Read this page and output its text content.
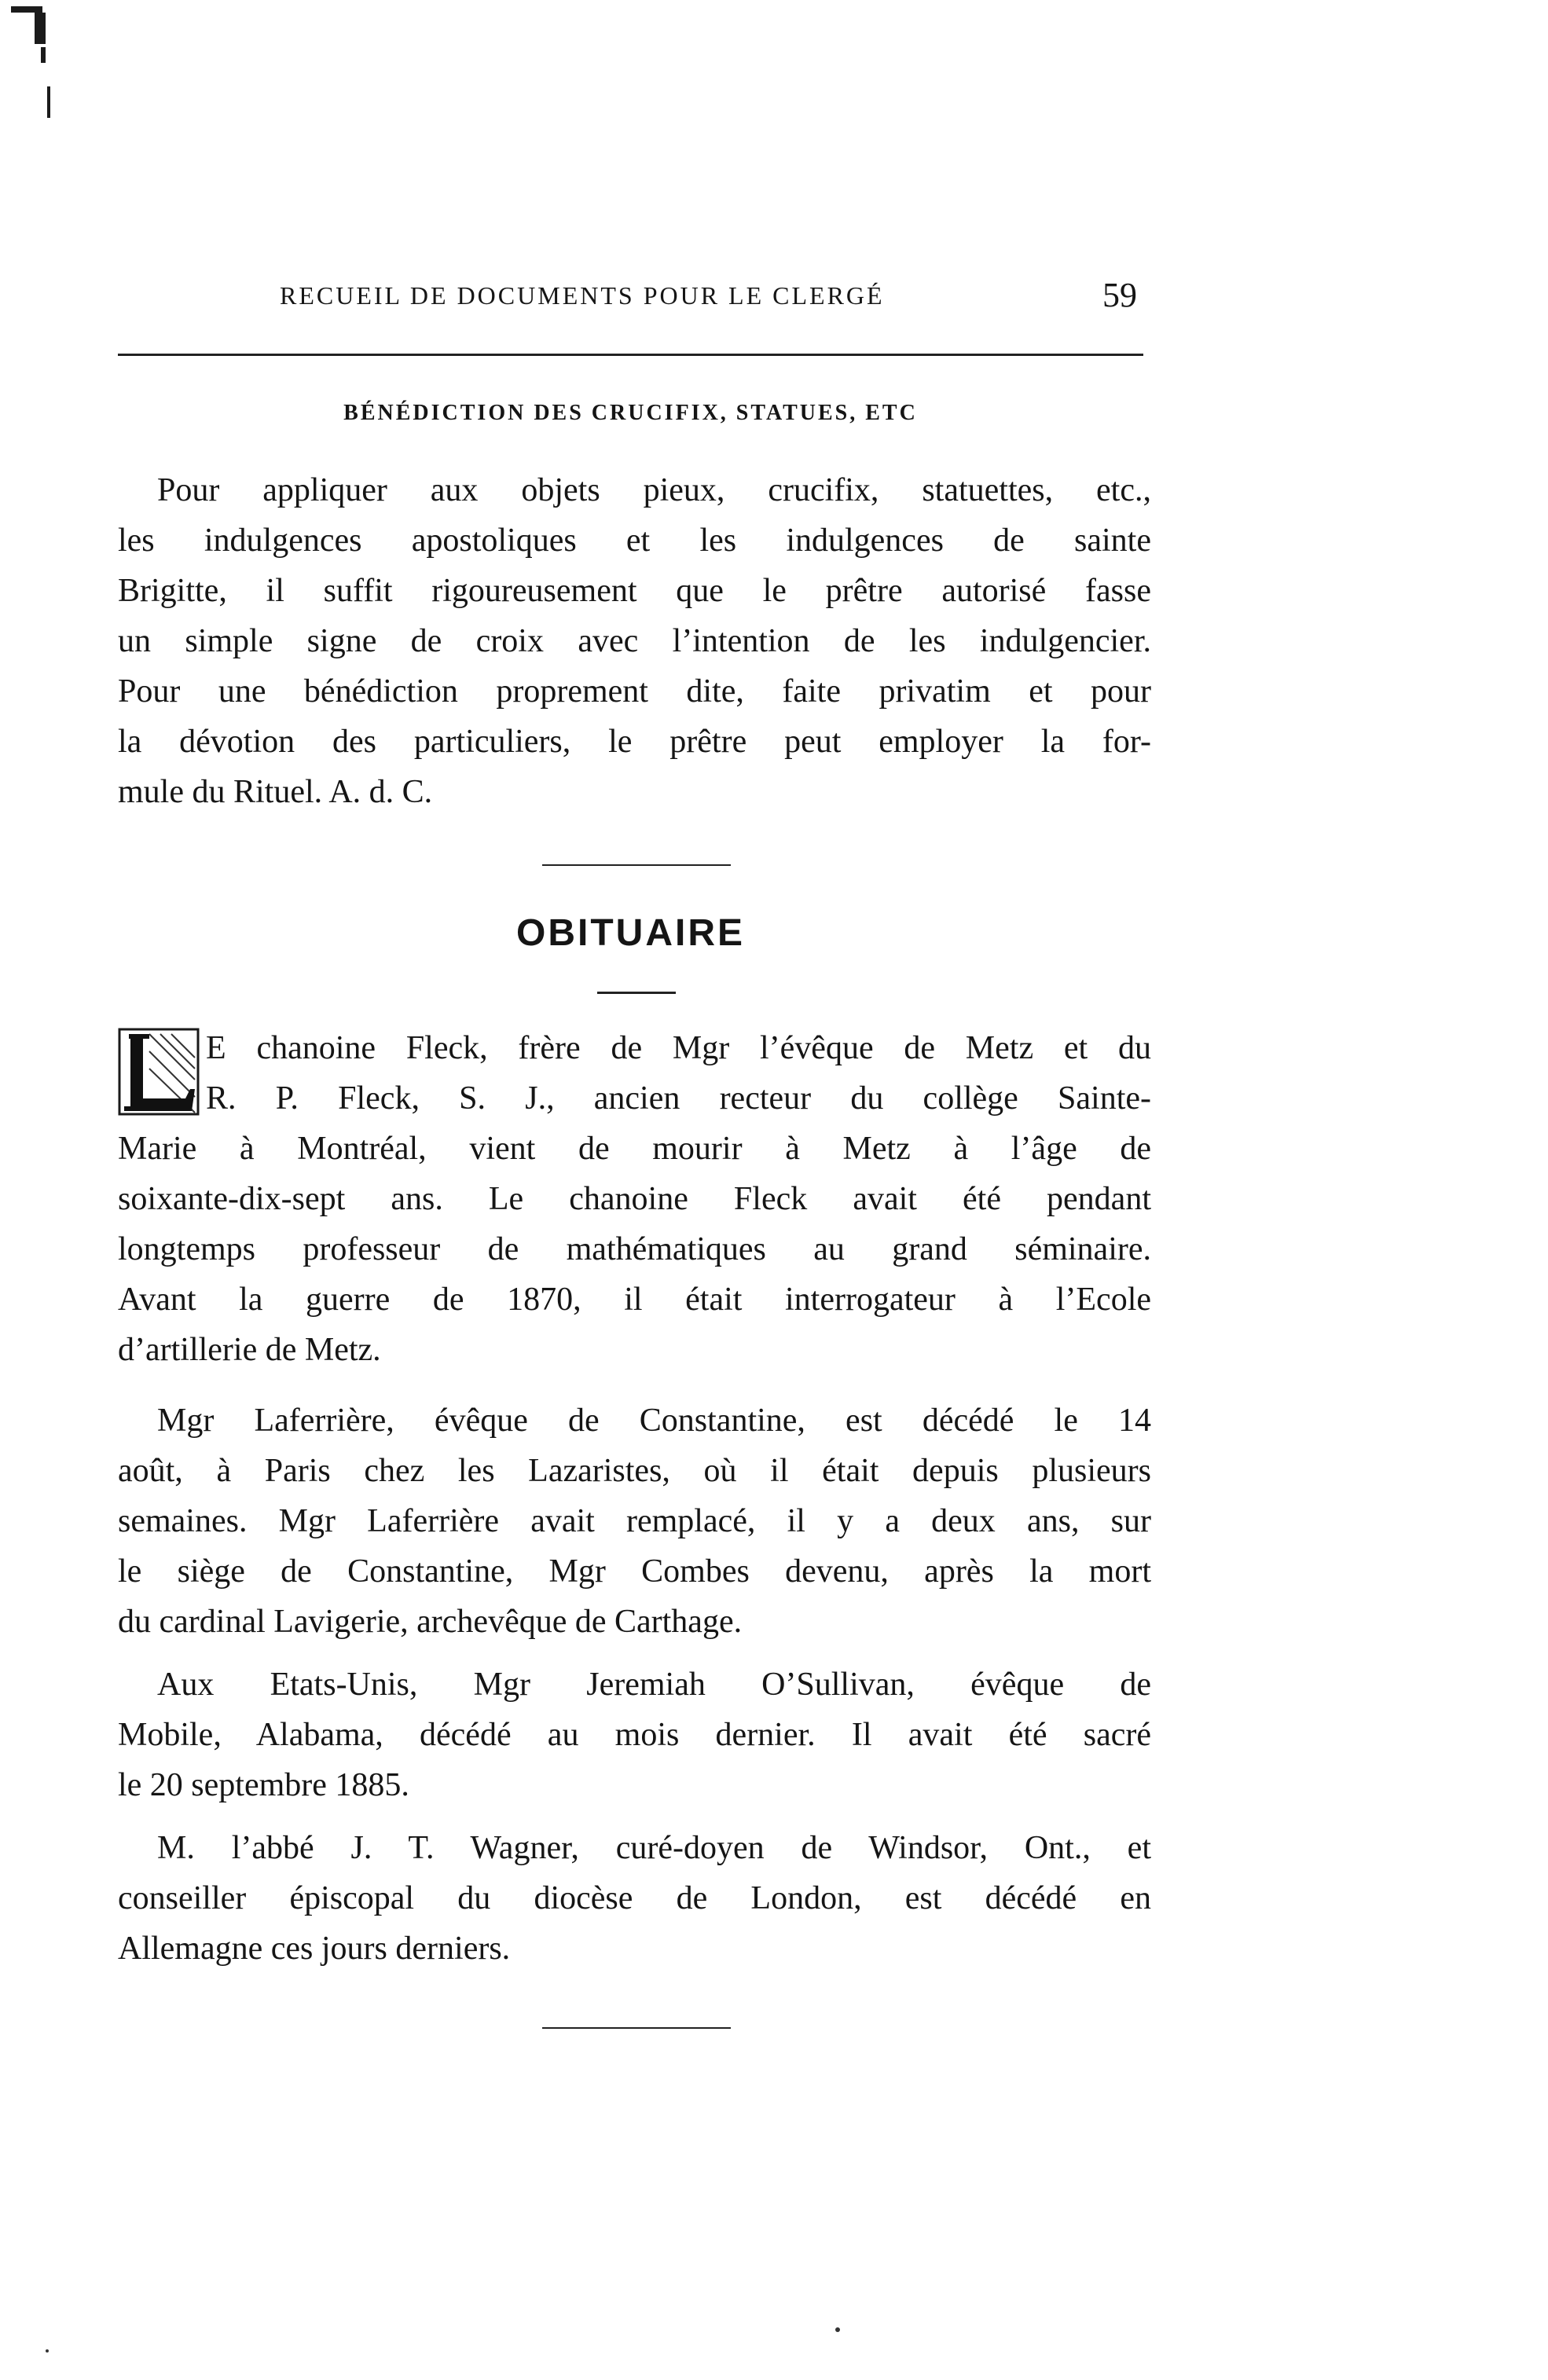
RECUEIL DE DOCUMENTS POUR LE CLERGÉ	59
BÉNÉDICTION DES CRUCIFIX, STATUES, ETC
Pour appliquer aux objets pieux, crucifix, statuettes, etc.,
les indulgences apostoliques et les indulgences de sainte
Brigitte, il suffit rigoureusement que le prêtre autorisé fasse
un simple signe de croix avec l’intention de les indulgencier.
Pour une bénédiction proprement dite, faite privatim et pour
la dévotion des particuliers, le prêtre peut employer la for-
mule du Rituel. A. d. C.
OBITUAIRE
E chanoine Fleck, frère de Mgr l’évêque de Metz et du
R. P. Fleck, S. J., ancien recteur du collège Sainte-
Marie à Montréal, vient de mourir à Metz à l’âge de
soixante-dix-sept ans. Le chanoine Fleck avait été pendant
longtemps professeur de mathématiques au grand séminaire.
Avant la guerre de 1870, il était interrogateur à l’Ecole
d’artillerie de Metz.
Mgr Laferrière, évêque de Constantine, est décédé le 14
août, à Paris chez les Lazaristes, où il était depuis plusieurs
semaines. Mgr Laferrière avait remplacé, il y a deux ans, sur
le siège de Constantine, Mgr Combes devenu, après la mort
du cardinal Lavigerie, archevêque de Carthage.
Aux Etats-Unis, Mgr Jeremiah O’Sullivan, évêque de
Mobile, Alabama, décédé au mois dernier. Il avait été sacré
le 20 septembre 1885.
M. l’abbé J. T. Wagner, curé-doyen de Windsor, Ont., et
conseiller épiscopal du diocèse de London, est décédé en
Allemagne ces jours derniers.
